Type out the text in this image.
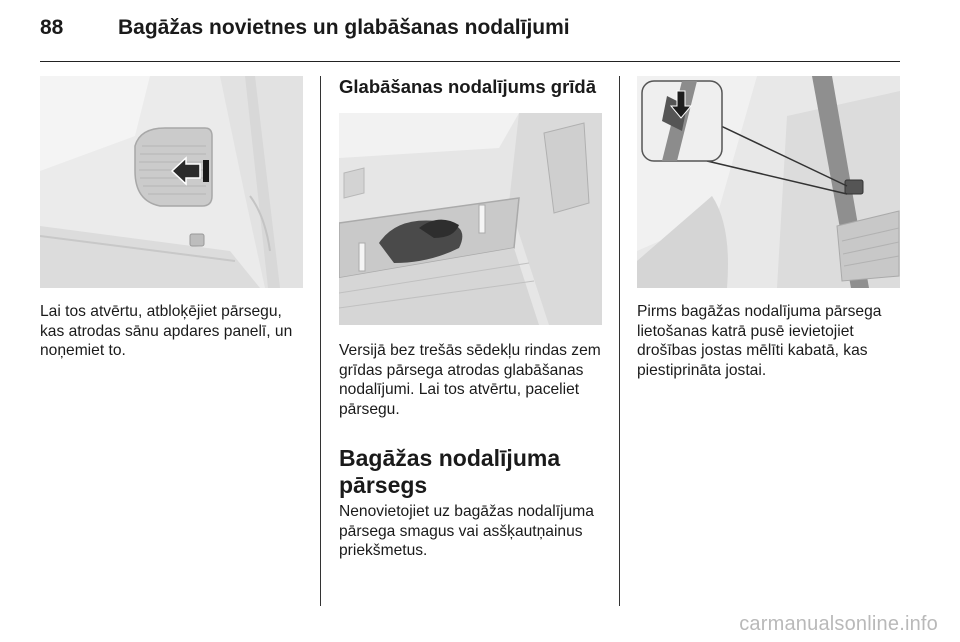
88	Bagāžas novietnes un glabāšanas nodalījumi

Lai tos atvērtu, atbloķējiet pārsegu, kas atrodas sānu apdares panelī, un noņemiet to.

Glabāšanas nodalījums grīdā

Versijā bez trešās sēdekļu rindas zem grīdas pārsega atrodas glabāšanas nodalījumi. Lai tos atvērtu, paceliet pārsegu.

Bagāžas nodalījuma pārsegs

Nenovietojiet uz bagāžas nodalījuma pārsega smagus vai asšķautņainus priekšmetus.

Pirms bagāžas nodalījuma pārsega lietošanas katrā pusē ievietojiet drošības jostas mēlīti kabatā, kas piestiprināta jostai.

carmanualsonline.info
